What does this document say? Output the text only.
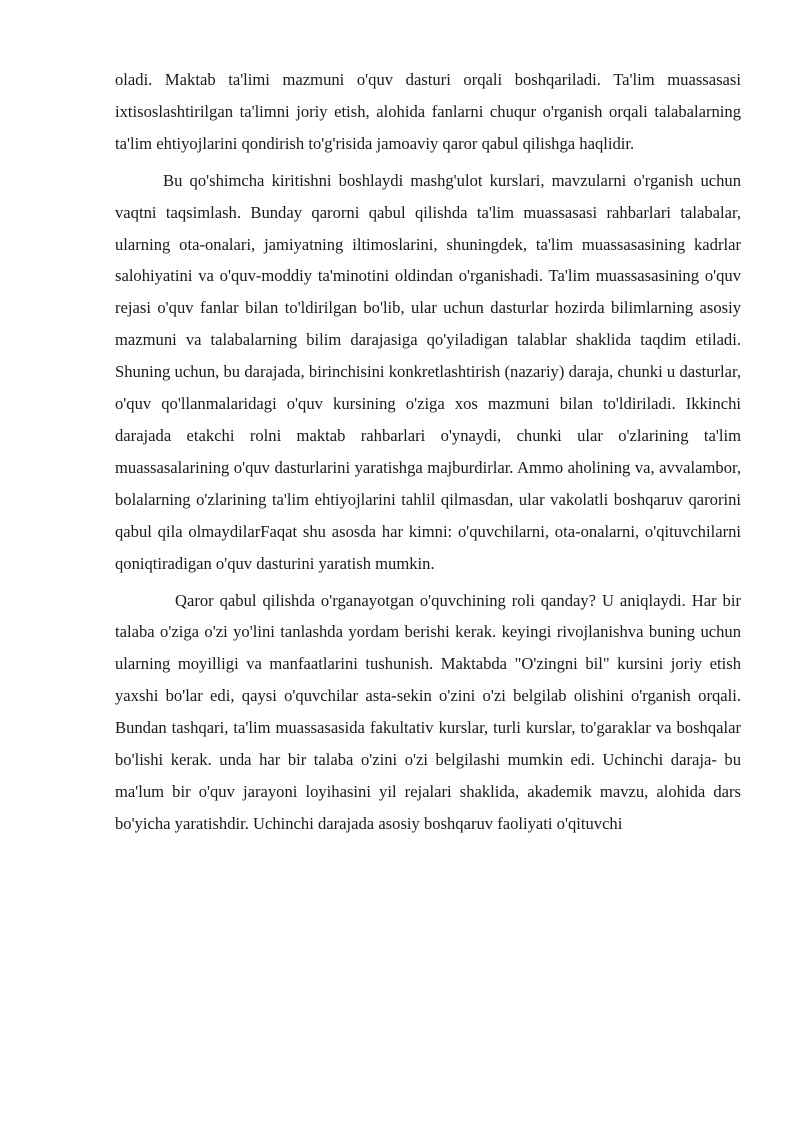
oladi. Maktab ta'limi mazmuni o'quv dasturi orqali boshqariladi. Ta'lim muassasasi ixtisoslashtirilgan ta'limni joriy etish, alohida fanlarni chuqur o'rganish orqali talabalarning ta'lim ehtiyojlarini qondirish to'g'risida jamoaviy qaror qabul qilishga haqlidir.

Bu qo'shimcha kiritishni boshlaydi mashg'ulot kurslari, mavzularni o'rganish uchun vaqtni taqsimlash. Bunday qarorni qabul qilishda ta'lim muassasasi rahbarlari talabalar, ularning ota-onalari, jamiyatning iltimoslarini, shuningdek, ta'lim muassasasining kadrlar salohiyatini va o'quv-moddiy ta'minotini oldindan o'rganishadi. Ta'lim muassasasining o'quv rejasi o'quv fanlar bilan to'ldirilgan bo'lib, ular uchun dasturlar hozirda bilimlarning asosiy mazmuni va talabalarning bilim darajasiga qo'yiladigan talablar shaklida taqdim etiladi. Shuning uchun, bu darajada, birinchisini konkretlashtirish (nazariy) daraja, chunki u dasturlar, o'quv qo'llanmalaridagi o'quv kursining o'ziga xos mazmuni bilan to'ldiriladi. Ikkinchi darajada etakchi rolni maktab rahbarlari o'ynaydi, chunki ular o'zlarining ta'lim muassasalarining o'quv dasturlarini yaratishga majburdirlar. Ammo aholining va, avvalambor, bolalarning o'zlarining ta'lim ehtiyojlarini tahlil qilmasdan, ular vakolatli boshqaruv qarorini qabul qila olmaydilarFaqat shu asosda har kimni: o'quvchilarni, ota-onalarni, o'qituvchilarni qoniqtiradigan o'quv dasturini yaratish mumkin.

Qaror qabul qilishda o'rganayotgan o'quvchining roli qanday? U aniqlaydi. Har bir talaba o'ziga o'zi yo'lini tanlashda yordam berishi kerak. keyingi rivojlanishva buning uchun ularning moyilligi va manfaatlarini tushunish. Maktabda "O'zingni bil" kursini joriy etish yaxshi bo'lar edi, qaysi o'quvchilar asta-sekin o'zini o'zi belgilab olishini o'rganish orqali. Bundan tashqari, ta'lim muassasasida fakultativ kurslar, turli kurslar, to'garaklar va boshqalar bo'lishi kerak. unda har bir talaba o'zini o'zi belgilashi mumkin edi. Uchinchi daraja- bu ma'lum bir o'quv jarayoni loyihasini yil rejalari shaklida, akademik mavzu, alohida dars bo'yicha yaratishdir. Uchinchi darajada asosiy boshqaruv faoliyati o'qituvchi
